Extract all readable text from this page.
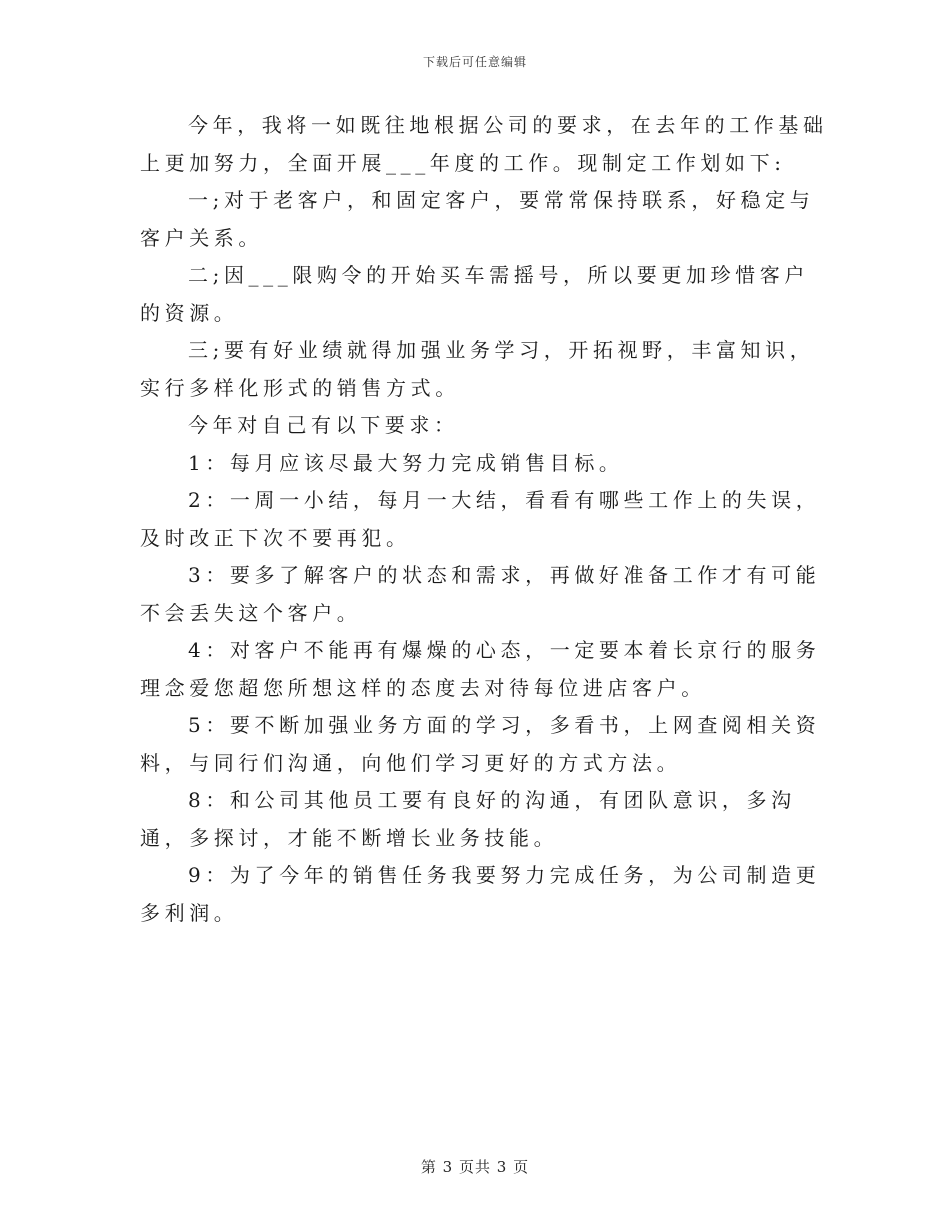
下载后可任意编辑

今年，我将一如既往地根据公司的要求，在去年的工作基础上更加努力，全面开展___年度的工作。现制定工作划如下:

一;对于老客户，和固定客户，要常常保持联系，好稳定与客户关系。

二;因___限购令的开始买车需摇号，所以要更加珍惜客户的资源。

三;要有好业绩就得加强业务学习，开拓视野，丰富知识，实行多样化形式的销售方式。

今年对自己有以下要求：

1：每月应该尽最大努力完成销售目标。

2：一周一小结，每月一大结，看看有哪些工作上的失误，及时改正下次不要再犯。

3：要多了解客户的状态和需求，再做好准备工作才有可能不会丢失这个客户。

4：对客户不能再有爆燥的心态，一定要本着长京行的服务理念爱您超您所想这样的态度去对待每位进店客户。

5：要不断加强业务方面的学习，多看书，上网查阅相关资料，与同行们沟通，向他们学习更好的方式方法。

8：和公司其他员工要有良好的沟通，有团队意识，多沟通，多探讨，才能不断增长业务技能。

9：为了今年的销售任务我要努力完成任务，为公司制造更多利润。

第 3 页共 3 页
